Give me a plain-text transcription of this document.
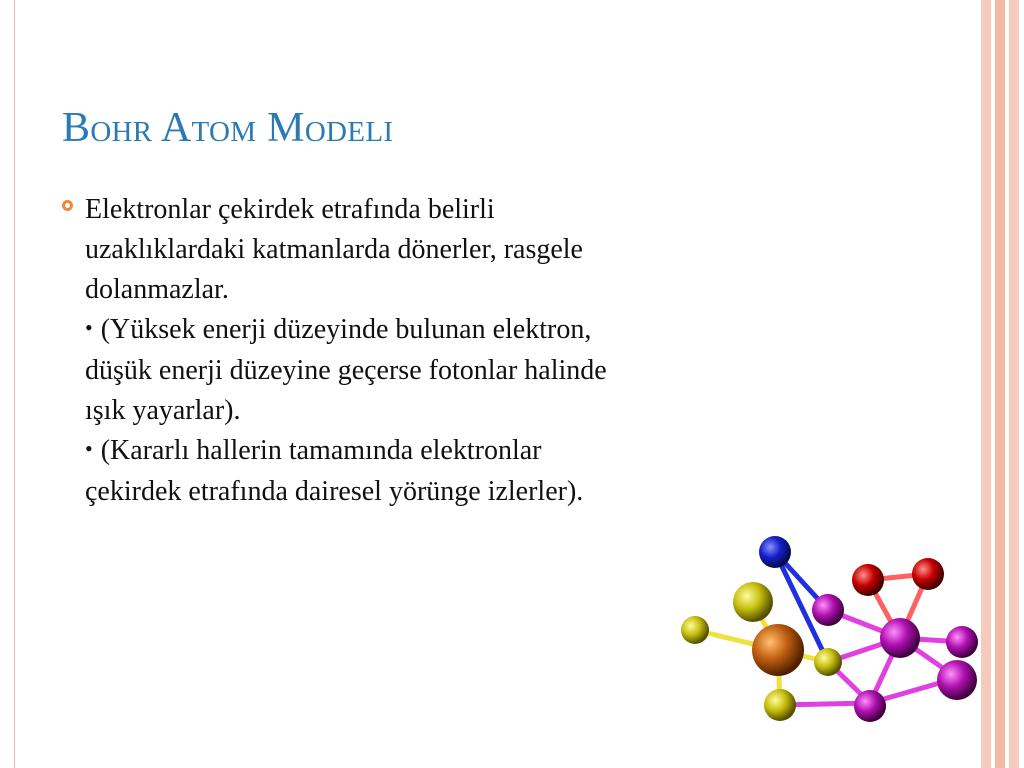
Bohr Atom Modeli
Elektronlar çekirdek etrafında belirli
uzaklıklardaki katmanlarda dönerler, rasgele
dolanmazlar.
• (Yüksek enerji düzeyinde bulunan elektron,
düşük enerji düzeyine geçerse fotonlar halinde
ışık yayarlar).
• (Kararlı hallerin tamamında elektronlar
çekirdek etrafında dairesel yörünge izlerler).
